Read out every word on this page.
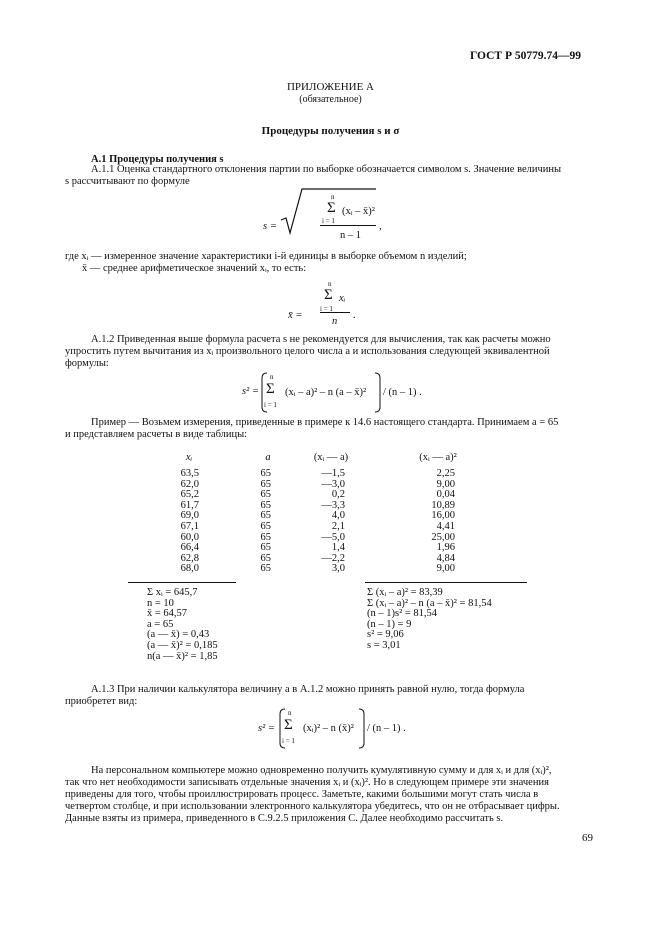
ГОСТ Р 50779.74—99
ПРИЛОЖЕНИЕ А
(обязательное)
Процедуры получения s и σ
А.1 Процедуры получения s
А.1.1 Оценка стандартного отклонения партии по выборке обозначается символом s. Значение величины
s рассчитывают по формуле
s =
n
Σ
i = 1
(xᵢ – x̄)²
n – 1
,
где xᵢ — измеренное значение характеристики i-й единицы в выборке объемом n изделий;
x̄ — среднее арифметическое значений xᵢ, то есть:
n
Σ xᵢ
x̄ =
i = 1
n
.
А.1.2 Приведенная выше формула расчета s не рекомендуется для вычисления, так как расчеты можно
упростить путем вычитания из xᵢ произвольного целого числа a и использования следующей эквивалентной
формулы:
s² =
n
Σ
i = 1
(xᵢ – a)² – n (a – x̄)² / (n – 1) .
Пример — Возьмем измерения, приведенные в примере к 14.6 настоящего стандарта. Принимаем a = 65
и представляем расчеты в виде таблицы:
xᵢ	a	(xᵢ — a)	(xᵢ — a)²
63,5	65	—1,5	2,25
62,0	65	—3,0	9,00
65,2	65	0,2	0,04
61,7	65	—3,3	10,89
69,0	65	4,0	16,00
67,1	65	2,1	4,41
60,0	65	—5,0	25,00
66,4	65	1,4	1,96
62,8	65	—2,2	4,84
68,0	65	3,0	9,00
Σ xᵢ = 645,7
n = 10
x̄ = 64,57
a = 65
(a — x̄) = 0,43
(a — x̄)² = 0,185
n(a — x̄)² = 1,85
Σ (xᵢ – a)² = 83,39
Σ (xᵢ – a)² – n (a – x̄)² = 81,54
(n – 1)s² = 81,54
(n – 1) = 9
s² = 9,06
s = 3,01
А.1.3 При наличии калькулятора величину a в А.1.2 можно принять равной нулю, тогда формула
приобретет вид:
s² =
n
Σ
i = 1
(xᵢ)² – n (x̄)² / (n – 1) .
На персональном компьютере можно одновременно получить кумулятивную сумму и для xᵢ и для (xᵢ)²,
так что нет необходимости записывать отдельные значения xᵢ и (xᵢ)². Но в следующем примере эти значения
приведены для того, чтобы проиллюстрировать процесс. Заметьте, какими большими могут стать числа в
четвертом столбце, и при использовании электронного калькулятора убедитесь, что он не отбрасывает цифры.
Данные взяты из примера, приведенного в С.9.2.5 приложения С. Далее необходимо рассчитать s.
69
